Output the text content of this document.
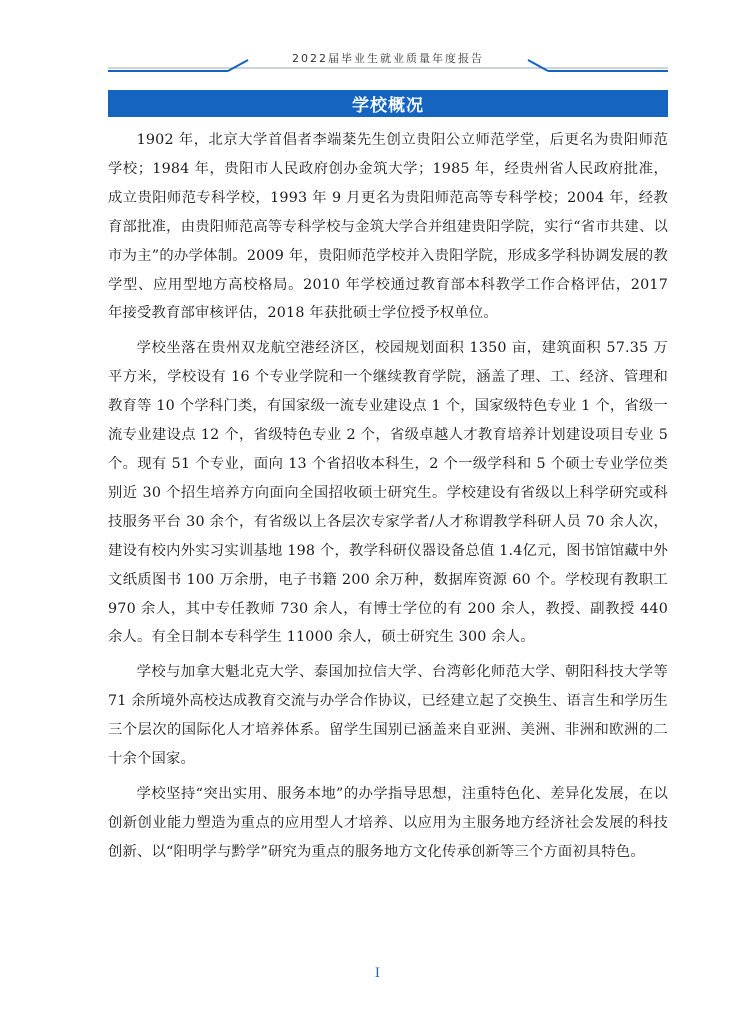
2022届毕业生就业质量年度报告
学校概况

1902 年，北京大学首倡者李端棻先生创立贵阳公立师范学堂，后更名为贵阳师范学校；1984 年，贵阳市人民政府创办金筑大学；1985 年，经贵州省人民政府批准，成立贵阳师范专科学校，1993 年 9 月更名为贵阳师范高等专科学校；2004 年，经教育部批准，由贵阳师范高等专科学校与金筑大学合并组建贵阳学院，实行“省市共建、以市为主”的办学体制。2009 年，贵阳师范学校并入贵阳学院，形成多学科协调发展的教学型、应用型地方高校格局。2010 年学校通过教育部本科教学工作合格评估，2017 年接受教育部审核评估，2018 年获批硕士学位授予权单位。

学校坐落在贵州双龙航空港经济区，校园规划面积 1350 亩，建筑面积 57.35 万平方米，学校设有 16 个专业学院和一个继续教育学院，涵盖了理、工、经济、管理和教育等 10 个学科门类，有国家级一流专业建设点 1 个，国家级特色专业 1 个，省级一流专业建设点 12 个，省级特色专业 2 个，省级卓越人才教育培养计划建设项目专业 5 个。现有 51 个专业，面向 13 个省招收本科生，2 个一级学科和 5 个硕士专业学位类别近 30 个招生培养方向面向全国招收硕士研究生。学校建设有省级以上科学研究或科技服务平台 30 余个，有省级以上各层次专家学者/人才称谓教学科研人员 70 余人次，建设有校内外实习实训基地 198 个，教学科研仪器设备总值 1.4亿元，图书馆馆藏中外文纸质图书 100 万余册，电子书籍 200 余万种，数据库资源 60 个。学校现有教职工 970 余人，其中专任教师 730 余人，有博士学位的有 200 余人，教授、副教授 440 余人。有全日制本专科学生 11000 余人，硕士研究生 300 余人。

学校与加拿大魁北克大学、泰国加拉信大学、台湾彰化师范大学、朝阳科技大学等 71 余所境外高校达成教育交流与办学合作协议，已经建立起了交换生、语言生和学历生三个层次的国际化人才培养体系。留学生国别已涵盖来自亚洲、美洲、非洲和欧洲的二十余个国家。

学校坚持“突出实用、服务本地”的办学指导思想，注重特色化、差异化发展，在以创新创业能力塑造为重点的应用型人才培养、以应用为主服务地方经济社会发展的科技创新、以“阳明学与黔学”研究为重点的服务地方文化传承创新等三个方面初具特色。

I
